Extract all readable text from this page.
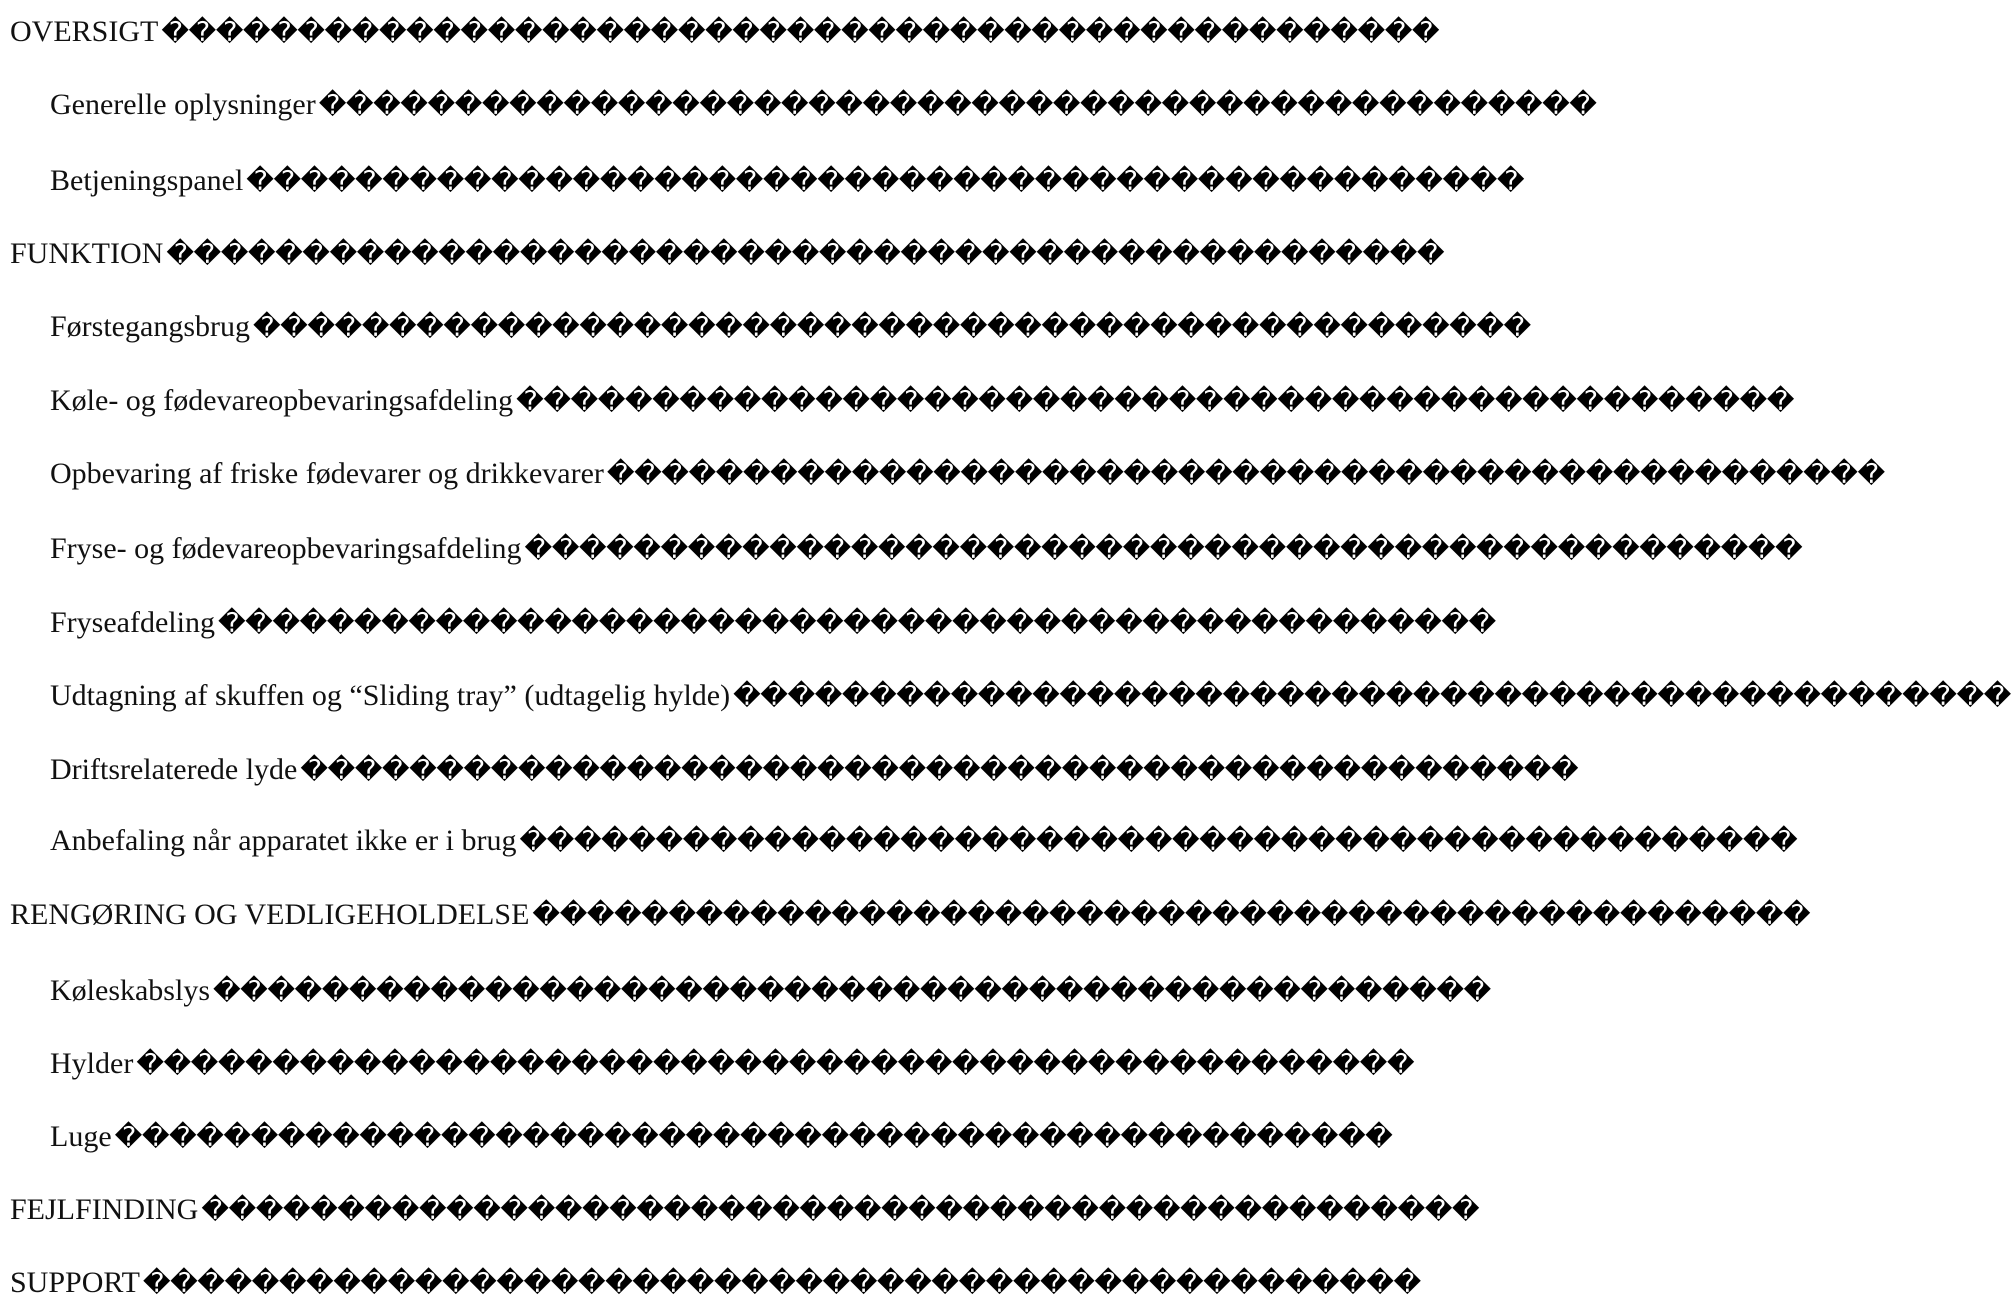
OVERSIGT �����������������������������������������������
Generelle oplysninger �����������������������������������������������
Betjeningspanel �����������������������������������������������
FUNKTION �����������������������������������������������
Førstegangsbrug �����������������������������������������������
Køle- og fødevareopbevaringsafdeling �����������������������������������������������
Opbevaring af friske fødevarer og drikkevarer �����������������������������������������������
Fryse- og fødevareopbevaringsafdeling �����������������������������������������������
Fryseafdeling �����������������������������������������������
Udtagning af skuffen og “Sliding tray” (udtagelig hylde) �����������������������������������������������
Driftsrelaterede lyde �����������������������������������������������
Anbefaling når apparatet ikke er i brug �����������������������������������������������
RENGØRING OG VEDLIGEHOLDELSE �����������������������������������������������
Køleskabslys �����������������������������������������������
Hylder �����������������������������������������������
Luge �����������������������������������������������
FEJLFINDING �����������������������������������������������
SUPPORT �����������������������������������������������
